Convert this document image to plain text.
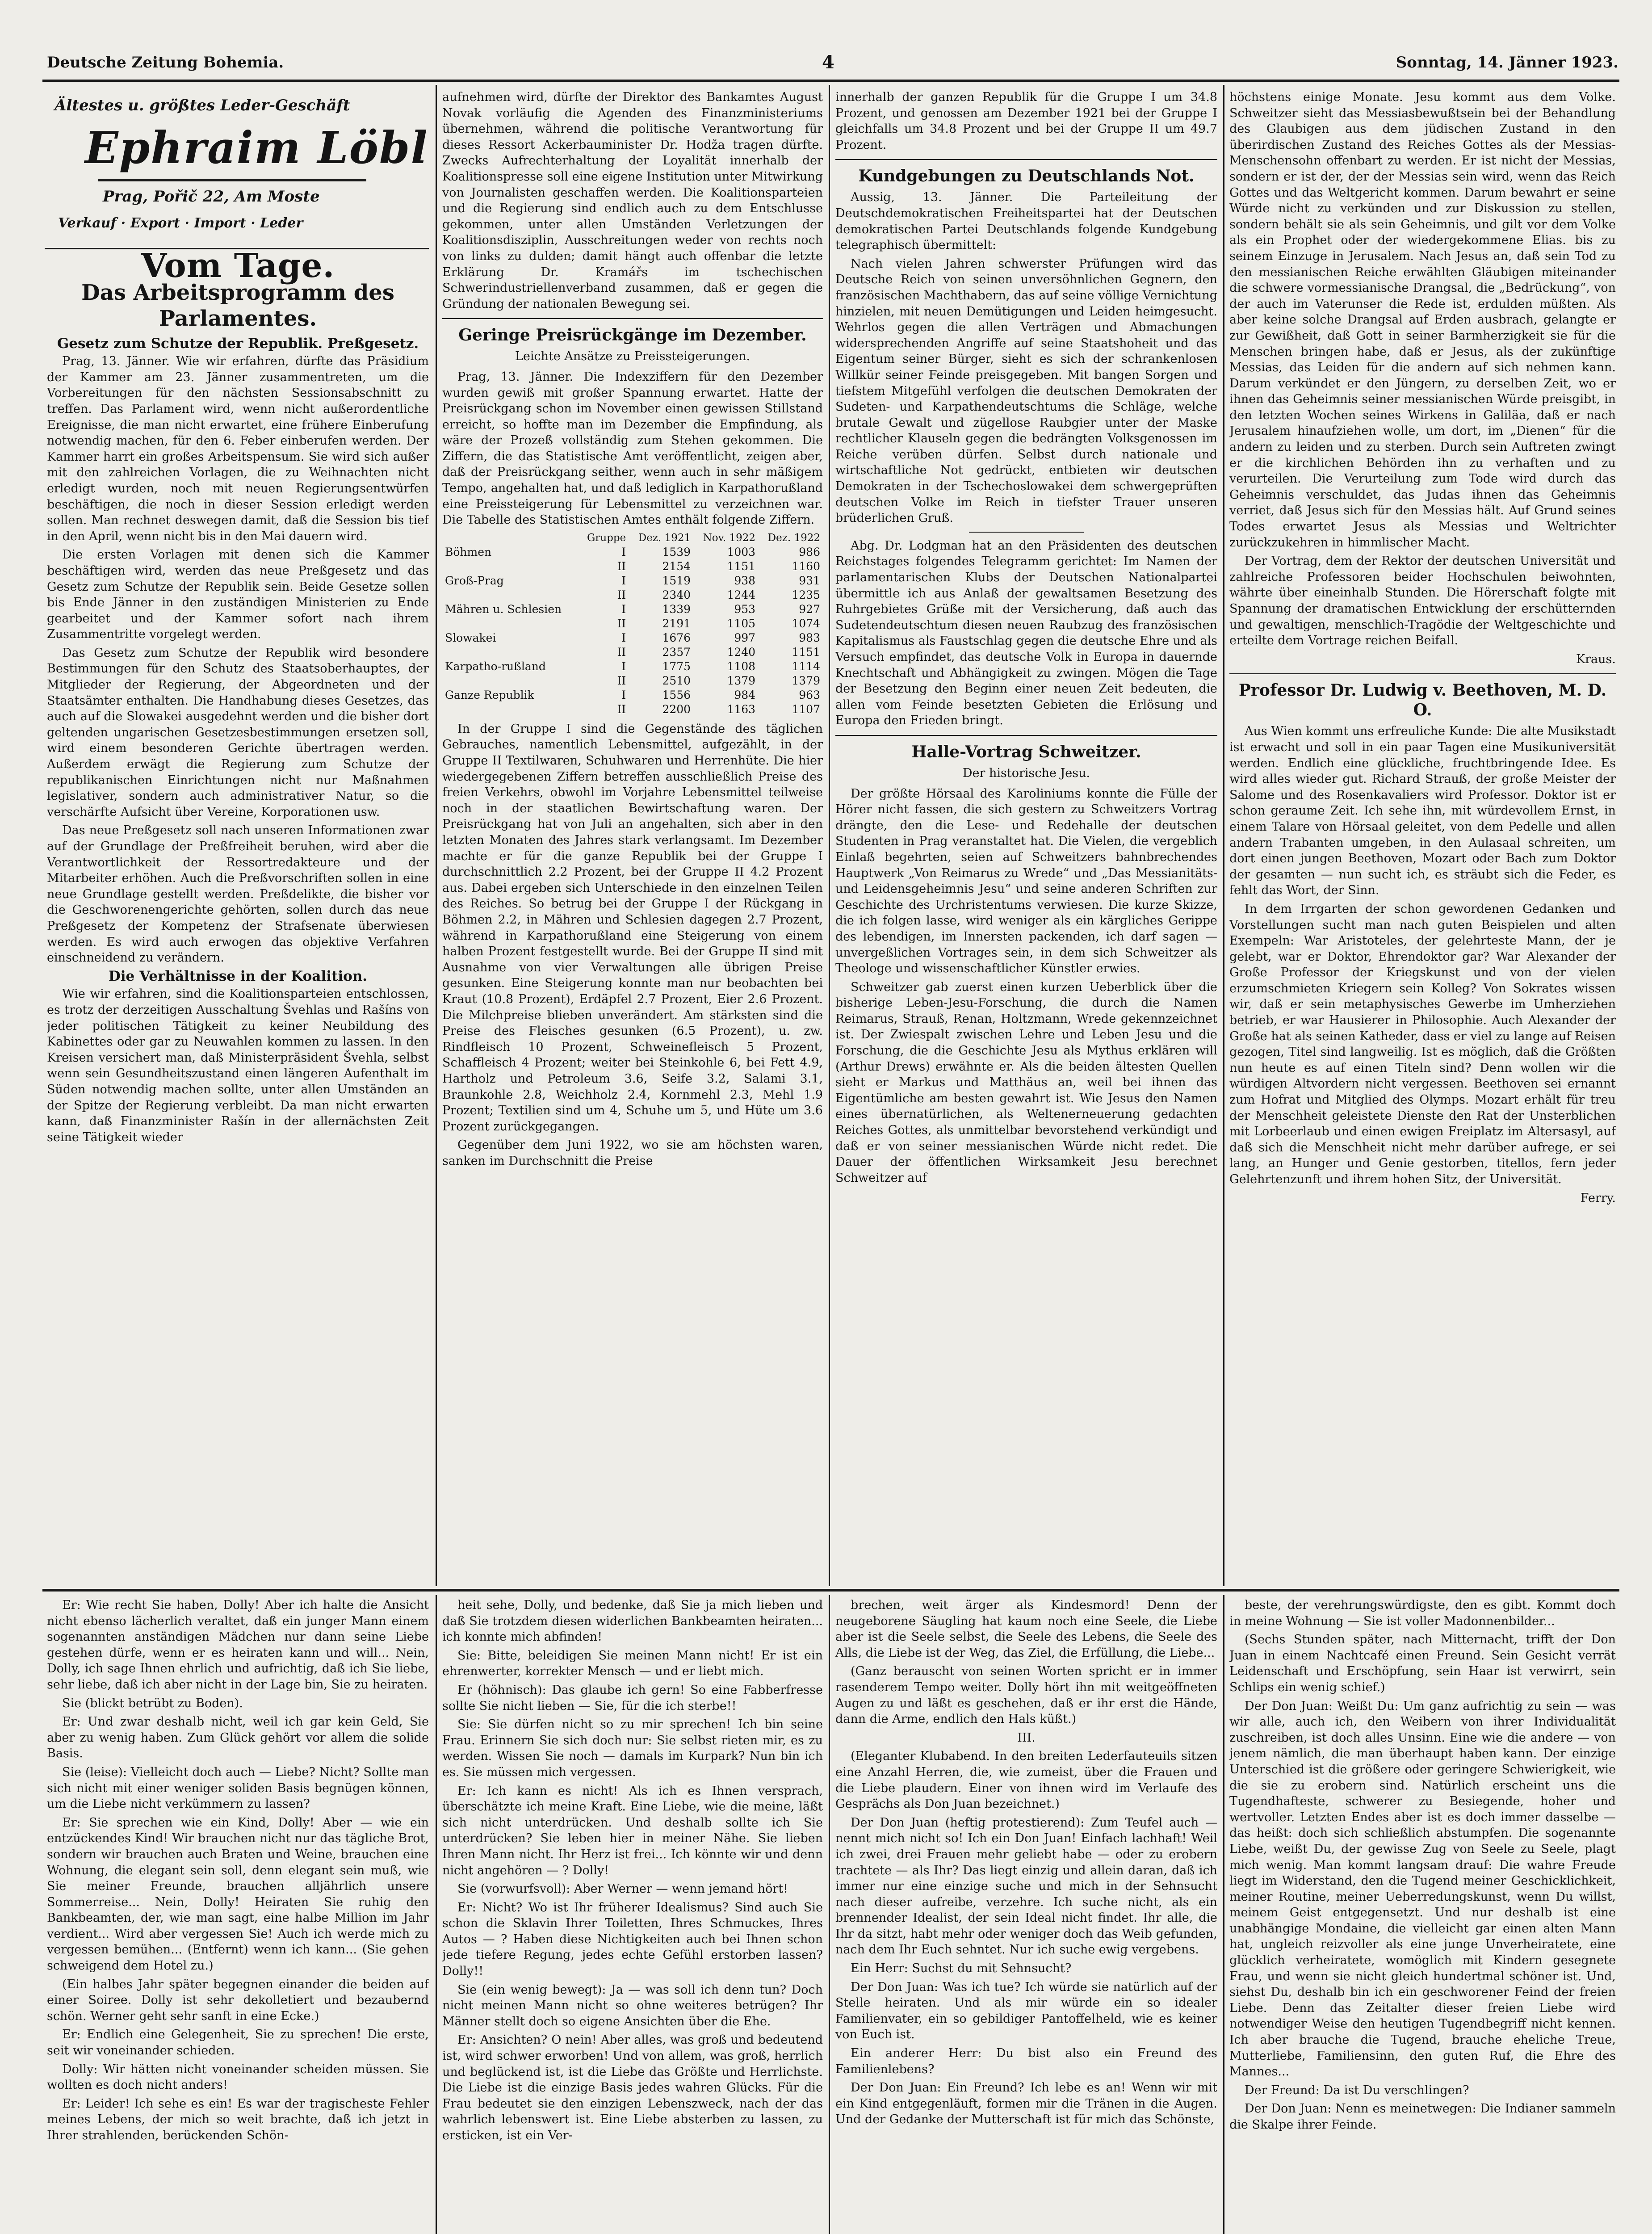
Deutsche Zeitung Bohemia.	4	Sonntag, 14. Jänner 1923.
Ältestes u. größtes Leder-Geschäft
Ephraim Löbl
Prag, Pořič 22, Am Moste
Verkauf · Export · Import · Leder
Vom Tage.
Das Arbeitsprogramm des Parlamentes.
Gesetz zum Schutze der Republik. Preßgesetz.

Prag, 13. Jänner. Wie wir erfahren, dürfte das Präsidium der Kammer am 23. Jänner zusammentreten, um die Vorbereitungen für den nächsten Sessionsabschnitt zu treffen. Das Parlament wird, wenn nicht außerordentliche Ereignisse, die man nicht erwartet, eine frühere Einberufung notwendig machen, für den 6. Feber einberufen werden. Der Kammer harrt ein großes Arbeitspensum. Sie wird sich außer mit den zahlreichen Vorlagen, die zu Weihnachten nicht erledigt wurden, noch mit neuen Regierungsentwürfen beschäftigen, die noch in dieser Session erledigt werden sollen. Man rechnet deswegen damit, daß die Session bis tief in den April, wenn nicht bis in den Mai dauern wird.

Die ersten Vorlagen mit denen sich die Kammer beschäftigen wird, werden das neue Preßgesetz und das Gesetz zum Schutze der Republik sein. Beide Gesetze sollen bis Ende Jänner in den zuständigen Ministerien zu Ende gearbeitet und der Kammer sofort nach ihrem Zusammentritte vorgelegt werden.

Das Gesetz zum Schutze der Republik wird besondere Bestimmungen für den Schutz des Staatsoberhauptes, der Mitglieder der Regierung, der Abgeordneten und der Staatsämter enthalten. Die Handhabung dieses Gesetzes, das auch auf die Slowakei ausgedehnt werden und die bisher dort geltenden ungarischen Gesetzesbestimmungen ersetzen soll, wird einem besonderen Gerichte übertragen werden. Außerdem erwägt die Regierung zum Schutze der republikanischen Einrichtungen nicht nur Maßnahmen legislativer, sondern auch administrativer Natur, so die verschärfte Aufsicht über Vereine, Korporationen usw.

Das neue Preßgesetz soll nach unseren Informationen zwar auf der Grundlage der Preßfreiheit beruhen, wird aber die Verantwortlichkeit der Ressortredakteure und der Mitarbeiter erhöhen. Auch die Preßvorschriften sollen in eine neue Grundlage gestellt werden. Preßdelikte, die bisher vor die Geschworenengerichte gehörten, sollen durch das neue Preßgesetz der Kompetenz der Strafsenate überwiesen werden. Es wird auch erwogen das objektive Verfahren einschneidend zu verändern.

Die Verhältnisse in der Koalition.

Wie wir erfahren, sind die Koalitionsparteien entschlossen, es trotz der derzeitigen Ausschaltung Švehlas und Rašíns von jeder politischen Tätigkeit zu keiner Neubildung des Kabinettes oder gar zu Neuwahlen kommen zu lassen. In den Kreisen versichert man, daß Ministerpräsident Švehla, selbst wenn sein Gesundheitszustand einen längeren Aufenthalt im Süden notwendig machen sollte, unter allen Umständen an der Spitze der Regierung verbleibt. Da man nicht erwarten kann, daß Finanzminister Rašín in der allernächsten Zeit seine Tätigkeit wieder

aufnehmen wird, dürfte der Direktor des Bankamtes August Novak vorläufig die Agenden des Finanzministeriums übernehmen, während die politische Verantwortung für dieses Ressort Ackerbauminister Dr. Hodža tragen dürfte. Zwecks Aufrechterhaltung der Loyalität innerhalb der Koalitionspresse soll eine eigene Institution unter Mitwirkung von Journalisten geschaffen werden. Die Koalitionsparteien und die Regierung sind endlich auch zu dem Entschlusse gekommen, unter allen Umständen Verletzungen der Koalitionsdisziplin, Ausschreitungen weder von rechts noch von links zu dulden; damit hängt auch offenbar die letzte Erklärung Dr. Kramářs im tschechischen Schwerindustriellenverband zusammen, daß er gegen die Gründung der nationalen Bewegung sei.

Geringe Preisrückgänge im Dezember.
Leichte Ansätze zu Preissteigerungen.

Prag, 13. Jänner. Die Indexziffern für den Dezember wurden gewiß mit großer Spannung erwartet. Hatte der Preisrückgang schon im November einen gewissen Stillstand erreicht, so hoffte man im Dezember die Empfindung, als wäre der Prozeß vollständig zum Stehen gekommen. Die Ziffern, die das Statistische Amt veröffentlicht, zeigen aber, daß der Preisrückgang seither, wenn auch in sehr mäßigem Tempo, angehalten hat, und daß lediglich in Karpathorußland eine Preissteigerung für Lebensmittel zu verzeichnen war. Die Tabelle des Statistischen Amtes enthält folgende Ziffern.

	Gruppe	Dez. 1921	Nov. 1922	Dez. 1922
Böhmen	I	1539	1003	986
	II	2154	1151	1160
Groß-Prag	I	1519	938	931
	II	2340	1244	1235
Mähren u. Schlesien	I	1339	953	927
	II	2191	1105	1074
Slowakei	I	1676	997	983
	II	2357	1240	1151
Karpatho-rußland	I	1775	1108	1114
	II	2510	1379	1379
Ganze Republik	I	1556	984	963
	II	2200	1163	1107

In der Gruppe I sind die Gegenstände des täglichen Gebrauches, namentlich Lebensmittel, aufgezählt, in der Gruppe II Textilwaren, Schuhwaren und Herrenhüte. Die hier wiedergegebenen Ziffern betreffen ausschließlich Preise des freien Verkehrs, obwohl im Vorjahre Lebensmittel teilweise noch in der staatlichen Bewirtschaftung waren. Der Preisrückgang hat von Juli an angehalten, sich aber in den letzten Monaten des Jahres stark verlangsamt. Im Dezember machte er für die ganze Republik bei der Gruppe I durchschnittlich 2.2 Prozent, bei der Gruppe II 4.2 Prozent aus. Dabei ergeben sich Unterschiede in den einzelnen Teilen des Reiches. So betrug bei der Gruppe I der Rückgang in Böhmen 2.2, in Mähren und Schlesien dagegen 2.7 Prozent, während in Karpathorußland eine Steigerung von einem halben Prozent festgestellt wurde. Bei der Gruppe II sind mit Ausnahme von vier Verwaltungen alle übrigen Preise gesunken. Eine Steigerung konnte man nur beobachten bei Kraut (10.8 Prozent), Erdäpfel 2.7 Prozent, Eier 2.6 Prozent. Die Milchpreise blieben unverändert. Am stärksten sind die Preise des Fleisches gesunken (6.5 Prozent), u. zw. Rindfleisch 10 Prozent, Schweinefleisch 5 Prozent, Schaffleisch 4 Prozent; weiter bei Steinkohle 6, bei Fett 4.9, Hartholz und Petroleum 3.6, Seife 3.2, Salami 3.1, Braunkohle 2.8, Weichholz 2.4, Kornmehl 2.3, Mehl 1.9 Prozent; Textilien sind um 4, Schuhe um 5, und Hüte um 3.6 Prozent zurückgegangen.

Gegenüber dem Juni 1922, wo sie am höchsten waren, sanken im Durchschnitt die Preise

innerhalb der ganzen Republik für die Gruppe I um 34.8 Prozent, und genossen am Dezember 1921 bei der Gruppe I gleichfalls um 34.8 Prozent und bei der Gruppe II um 49.7 Prozent.

Kundgebungen zu Deutschlands Not.

Aussig, 13. Jänner. Die Parteileitung der Deutschdemokratischen Freiheitspartei hat der Deutschen demokratischen Partei Deutschlands folgende Kundgebung telegraphisch übermittelt:

Nach vielen Jahren schwerster Prüfungen wird das Deutsche Reich von seinen unversöhnlichen Gegnern, den französischen Machthabern, das auf seine völlige Vernichtung hinzielen, mit neuen Demütigungen und Leiden heimgesucht. Wehrlos gegen die allen Verträgen und Abmachungen widersprechenden Angriffe auf seine Staatshoheit und das Eigentum seiner Bürger, sieht es sich der schrankenlosen Willkür seiner Feinde preisgegeben. Mit bangen Sorgen und tiefstem Mitgefühl verfolgen die deutschen Demokraten der Sudeten- und Karpathendeutschtums die Schläge, welche brutale Gewalt und zügellose Raubgier unter der Maske rechtlicher Klauseln gegen die bedrängten Volksgenossen im Reiche verüben dürfen. Selbst durch nationale und wirtschaftliche Not gedrückt, entbieten wir deutschen Demokraten in der Tschechoslowakei dem schwergeprüften deutschen Volke im Reich in tiefster Trauer unseren brüderlichen Gruß.

Abg. Dr. Lodgman hat an den Präsidenten des deutschen Reichstages folgendes Telegramm gerichtet: Im Namen der parlamentarischen Klubs der Deutschen Nationalpartei übermittle ich aus Anlaß der gewaltsamen Besetzung des Ruhrgebietes Grüße mit der Versicherung, daß auch das Sudetendeutschtum diesen neuen Raubzug des französischen Kapitalismus als Faustschlag gegen die deutsche Ehre und als Versuch empfindet, das deutsche Volk in Europa in dauernde Knechtschaft und Abhängigkeit zu zwingen. Mögen die Tage der Besetzung den Beginn einer neuen Zeit bedeuten, die allen vom Feinde besetzten Gebieten die Erlösung und Europa den Frieden bringt.

Halle-Vortrag Schweitzer.
Der historische Jesu.

Der größte Hörsaal des Karoliniums konnte die Fülle der Hörer nicht fassen, die sich gestern zu Schweitzers Vortrag drängte, den die Lese- und Redehalle der deutschen Studenten in Prag veranstaltet hat. Die Vielen, die vergeblich Einlaß begehrten, seien auf Schweitzers bahnbrechendes Hauptwerk „Von Reimarus zu Wrede“ und „Das Messianitäts- und Leidensgeheimnis Jesu“ und seine anderen Schriften zur Geschichte des Urchristentums verwiesen. Die kurze Skizze, die ich folgen lasse, wird weniger als ein kärgliches Gerippe des lebendigen, im Innersten packenden, ich darf sagen — unvergeßlichen Vortrages sein, in dem sich Schweitzer als Theologe und wissenschaftlicher Künstler erwies.

Schweitzer gab zuerst einen kurzen Ueberblick über die bisherige Leben-Jesu-Forschung, die durch die Namen Reimarus, Strauß, Renan, Holtzmann, Wrede gekennzeichnet ist. Der Zwiespalt zwischen Lehre und Leben Jesu und die Forschung, die die Geschichte Jesu als Mythus erklären will (Arthur Drews) erwähnte er. Als die beiden ältesten Quellen sieht er Markus und Matthäus an, weil bei ihnen das Eigentümliche am besten gewahrt ist. Wie Jesus den Namen eines übernatürlichen, als Weltenerneuerung gedachten Reiches Gottes, als unmittelbar bevorstehend verkündigt und daß er von seiner messianischen Würde nicht redet. Die Dauer der öffentlichen Wirksamkeit Jesu berechnet Schweitzer auf

höchstens einige Monate. Jesu kommt aus dem Volke. Schweitzer sieht das Messiasbewußtsein bei der Behandlung des Glaubigen aus dem jüdischen Zustand in den überirdischen Zustand des Reiches Gottes als der Messias-Menschensohn offenbart zu werden. Er ist nicht der Messias, sondern er ist der, der der Messias sein wird, wenn das Reich Gottes und das Weltgericht kommen. Darum bewahrt er seine Würde nicht zu verkünden und zur Diskussion zu stellen, sondern behält sie als sein Geheimnis, und gilt vor dem Volke als ein Prophet oder der wiedergekommene Elias. bis zu seinem Einzuge in Jerusalem. Nach Jesus an, daß sein Tod zu den messianischen Reiche erwählten Gläubigen miteinander die schwere vormessianische Drangsal, die „Bedrückung“, von der auch im Vaterunser die Rede ist, erdulden müßten. Als aber keine solche Drangsal auf Erden ausbrach, gelangte er zur Gewißheit, daß Gott in seiner Barmherzigkeit sie für die Menschen bringen habe, daß er Jesus, als der zukünftige Messias, das Leiden für die andern auf sich nehmen kann. Darum verkündet er den Jüngern, zu derselben Zeit, wo er ihnen das Geheimnis seiner messianischen Würde preisgibt, in den letzten Wochen seines Wirkens in Galiläa, daß er nach Jerusalem hinaufziehen wolle, um dort, im „Dienen“ für die andern zu leiden und zu sterben. Durch sein Auftreten zwingt er die kirchlichen Behörden ihn zu verhaften und zu verurteilen. Die Verurteilung zum Tode wird durch das Geheimnis verschuldet, das Judas ihnen das Geheimnis verriet, daß Jesus sich für den Messias hält. Auf Grund seines Todes erwartet Jesus als Messias und Weltrichter zurückzukehren in himmlischer Macht.

Der Vortrag, dem der Rektor der deutschen Universität und zahlreiche Professoren beider Hochschulen beiwohnten, währte über eineinhalb Stunden. Die Hörerschaft folgte mit Spannung der dramatischen Entwicklung der erschütternden und gewaltigen, menschlich-Tragödie der Weltgeschichte und erteilte dem Vortrage reichen Beifall.

Kraus.
Professor Dr. Ludwig v. Beethoven, M. D. O.

Aus Wien kommt uns erfreuliche Kunde: Die alte Musikstadt ist erwacht und soll in ein paar Tagen eine Musikuniversität werden. Endlich eine glückliche, fruchtbringende Idee. Es wird alles wieder gut. Richard Strauß, der große Meister der Salome und des Rosenkavaliers wird Professor. Doktor ist er schon geraume Zeit. Ich sehe ihn, mit würdevollem Ernst, in einem Talare von Hörsaal geleitet, von dem Pedelle und allen andern Trabanten umgeben, in den Aulasaal schreiten, um dort einen jungen Beethoven, Mozart oder Bach zum Doktor der gesamten — nun sucht ich, es sträubt sich die Feder, es fehlt das Wort, der Sinn.

In dem Irrgarten der schon gewordenen Gedanken und Vorstellungen sucht man nach guten Beispielen und alten Exempeln: War Aristoteles, der gelehrteste Mann, der je gelebt, war er Doktor, Ehrendoktor gar? War Alexander der Große Professor der Kriegskunst und von der vielen erzumschmieten Kriegern sein Kolleg? Von Sokrates wissen wir, daß er sein metaphysisches Gewerbe im Umherziehen betrieb, er war Hausierer in Philosophie. Auch Alexander der Große hat als seinen Katheder, dass er viel zu lange auf Reisen gezogen, Titel sind langweilig. Ist es möglich, daß die Größten nun heute es auf einen Titeln sind? Denn wollen wir die würdigen Altvordern nicht vergessen. Beethoven sei ernannt zum Hofrat und Mitglied des Olymps. Mozart erhält für treu der Menschheit geleistete Dienste den Rat der Unsterblichen mit Lorbeerlaub und einen ewigen Freiplatz im Altersasyl, auf daß sich die Menschheit nicht mehr darüber aufrege, er sei lang, an Hunger und Genie gestorben, titellos, fern jeder Gelehrtenzunft und ihrem hohen Sitz, der Universität.

Ferry.

Er: Wie recht Sie haben, Dolly! Aber ich halte die Ansicht nicht ebenso lächerlich veraltet, daß ein junger Mann einem sogenannten anständigen Mädchen nur dann seine Liebe gestehen dürfe, wenn er es heiraten kann und will... Nein, Dolly, ich sage Ihnen ehrlich und aufrichtig, daß ich Sie liebe, sehr liebe, daß ich aber nicht in der Lage bin, Sie zu heiraten.

Sie (blickt betrübt zu Boden).

Er: Und zwar deshalb nicht, weil ich gar kein Geld, Sie aber zu wenig haben. Zum Glück gehört vor allem die solide Basis.

Sie (leise): Vielleicht doch auch — Liebe? Nicht? Sollte man sich nicht mit einer weniger soliden Basis begnügen können, um die Liebe nicht verkümmern zu lassen?

Er: Sie sprechen wie ein Kind, Dolly! Aber — wie ein entzückendes Kind! Wir brauchen nicht nur das tägliche Brot, sondern wir brauchen auch Braten und Weine, brauchen eine Wohnung, die elegant sein soll, denn elegant sein muß, wie Sie meiner Freunde, brauchen alljährlich unsere Sommerreise... Nein, Dolly! Heiraten Sie ruhig den Bankbeamten, der, wie man sagt, eine halbe Million im Jahr verdient... Wird aber vergessen Sie! Auch ich werde mich zu vergessen bemühen... (Entfernt) wenn ich kann... (Sie gehen schweigend dem Hotel zu.)

(Ein halbes Jahr später begegnen einander die beiden auf einer Soiree. Dolly ist sehr dekolletiert und bezaubernd schön. Werner geht sehr sanft in eine Ecke.)

Er: Endlich eine Gelegenheit, Sie zu sprechen! Die erste, seit wir voneinander schieden.

Dolly: Wir hätten nicht voneinander scheiden müssen. Sie wollten es doch nicht anders!

Er: Leider! Ich sehe es ein! Es war der tragischeste Fehler meines Lebens, der mich so weit brachte, daß ich jetzt in Ihrer strahlenden, berückenden Schön-

heit sehe, Dolly, und bedenke, daß Sie ja mich lieben und daß Sie trotzdem diesen widerlichen Bankbeamten heiraten... ich konnte mich abfinden!

Sie: Bitte, beleidigen Sie meinen Mann nicht! Er ist ein ehrenwerter, korrekter Mensch — und er liebt mich.

Er (höhnisch): Das glaube ich gern! So eine Fabberfresse sollte Sie nicht lieben — Sie, für die ich sterbe!!

Sie: Sie dürfen nicht so zu mir sprechen! Ich bin seine Frau. Erinnern Sie sich doch nur: Sie selbst rieten mir, es zu werden. Wissen Sie noch — damals im Kurpark? Nun bin ich es. Sie müssen mich vergessen.

Er: Ich kann es nicht! Als ich es Ihnen versprach, überschätzte ich meine Kraft. Eine Liebe, wie die meine, läßt sich nicht unterdrücken. Und deshalb sollte ich Sie unterdrücken? Sie leben hier in meiner Nähe. Sie lieben Ihren Mann nicht. Ihr Herz ist frei... Ich könnte wir und denn nicht angehören — ? Dolly!

Sie (vorwurfsvoll): Aber Werner — wenn jemand hört!

Er: Nicht? Wo ist Ihr früherer Idealismus? Sind auch Sie schon die Sklavin Ihrer Toiletten, Ihres Schmuckes, Ihres Autos — ? Haben diese Nichtigkeiten auch bei Ihnen schon jede tiefere Regung, jedes echte Gefühl erstorben lassen? Dolly!!

Sie (ein wenig bewegt): Ja — was soll ich denn tun? Doch nicht meinen Mann nicht so ohne weiteres betrügen? Ihr Männer stellt doch so eigene Ansichten über die Ehe.

Er: Ansichten? O nein! Aber alles, was groß und bedeutend ist, wird schwer erworben! Und von allem, was groß, herrlich und beglückend ist, ist die Liebe das Größte und Herrlichste. Die Liebe ist die einzige Basis jedes wahren Glücks. Für die Frau bedeutet sie den einzigen Lebenszweck, nach der das wahrlich lebenswert ist. Eine Liebe absterben zu lassen, zu ersticken, ist ein Ver-

brechen, weit ärger als Kindesmord! Denn der neugeborene Säugling hat kaum noch eine Seele, die Liebe aber ist die Seele selbst, die Seele des Lebens, die Seele des Alls, die Liebe ist der Weg, das Ziel, die Erfüllung, die Liebe...

(Ganz berauscht von seinen Worten spricht er in immer rasenderem Tempo weiter. Dolly hört ihn mit weitgeöffneten Augen zu und läßt es geschehen, daß er ihr erst die Hände, dann die Arme, endlich den Hals küßt.)

III.

(Eleganter Klubabend. In den breiten Lederfauteuils sitzen eine Anzahl Herren, die, wie zumeist, über die Frauen und die Liebe plaudern. Einer von ihnen wird im Verlaufe des Gesprächs als Don Juan bezeichnet.)

Der Don Juan (heftig protestierend): Zum Teufel auch — nennt mich nicht so! Ich ein Don Juan! Einfach lachhaft! Weil ich zwei, drei Frauen mehr geliebt habe — oder zu erobern trachtete — als Ihr? Das liegt einzig und allein daran, daß ich immer nur eine einzige suche und mich in der Sehnsucht nach dieser aufreibe, verzehre. Ich suche nicht, als ein brennender Idealist, der sein Ideal nicht findet. Ihr alle, die Ihr da sitzt, habt mehr oder weniger doch das Weib gefunden, nach dem Ihr Euch sehntet. Nur ich suche ewig vergebens.

Ein Herr: Suchst du mit Sehnsucht?

Der Don Juan: Was ich tue? Ich würde sie natürlich auf der Stelle heiraten. Und als mir würde ein so idealer Familienvater, ein so gebildiger Pantoffelheld, wie es keiner von Euch ist.

Ein anderer Herr: Du bist also ein Freund des Familienlebens?

Der Don Juan: Ein Freund? Ich lebe es an! Wenn wir mit ein Kind entgegenläuft, formen mir die Tränen in die Augen. Und der Gedanke der Mutterschaft ist für mich das Schönste,

beste, der verehrungswürdigste, den es gibt. Kommt doch in meine Wohnung — Sie ist voller Madonnenbilder...

(Sechs Stunden später, nach Mitternacht, trifft der Don Juan in einem Nachtcafé einen Freund. Sein Gesicht verrät Leidenschaft und Erschöpfung, sein Haar ist verwirrt, sein Schlips ein wenig schief.)

Der Don Juan: Weißt Du: Um ganz aufrichtig zu sein — was wir alle, auch ich, den Weibern von ihrer Individualität zuschreiben, ist doch alles Unsinn. Eine wie die andere — von jenem nämlich, die man überhaupt haben kann. Der einzige Unterschied ist die größere oder geringere Schwierigkeit, wie die sie zu erobern sind. Natürlich erscheint uns die Tugendhafteste, schwerer zu Besiegende, hoher und wertvoller. Letzten Endes aber ist es doch immer dasselbe — das heißt: doch sich schließlich abstumpfen. Die sogenannte Liebe, weißt Du, der gewisse Zug von Seele zu Seele, plagt mich wenig. Man kommt langsam drauf: Die wahre Freude liegt im Widerstand, den die Tugend meiner Geschicklichkeit, meiner Routine, meiner Ueberredungskunst, wenn Du willst, meinem Geist entgegensetzt. Und nur deshalb ist eine unabhängige Mondaine, die vielleicht gar einen alten Mann hat, ungleich reizvoller als eine junge Unverheiratete, eine glücklich verheiratete, womöglich mit Kindern gesegnete Frau, und wenn sie nicht gleich hundertmal schöner ist. Und, siehst Du, deshalb bin ich ein geschworener Feind der freien Liebe. Denn das Zeitalter dieser freien Liebe wird notwendiger Weise den heutigen Tugendbegriff nicht kennen. Ich aber brauche die Tugend, brauche eheliche Treue, Mutterliebe, Familiensinn, den guten Ruf, die Ehre des Mannes...

Der Freund: Da ist Du verschlingen?

Der Don Juan: Nenn es meinetwegen: Die Indianer sammeln die Skalpe ihrer Feinde.
